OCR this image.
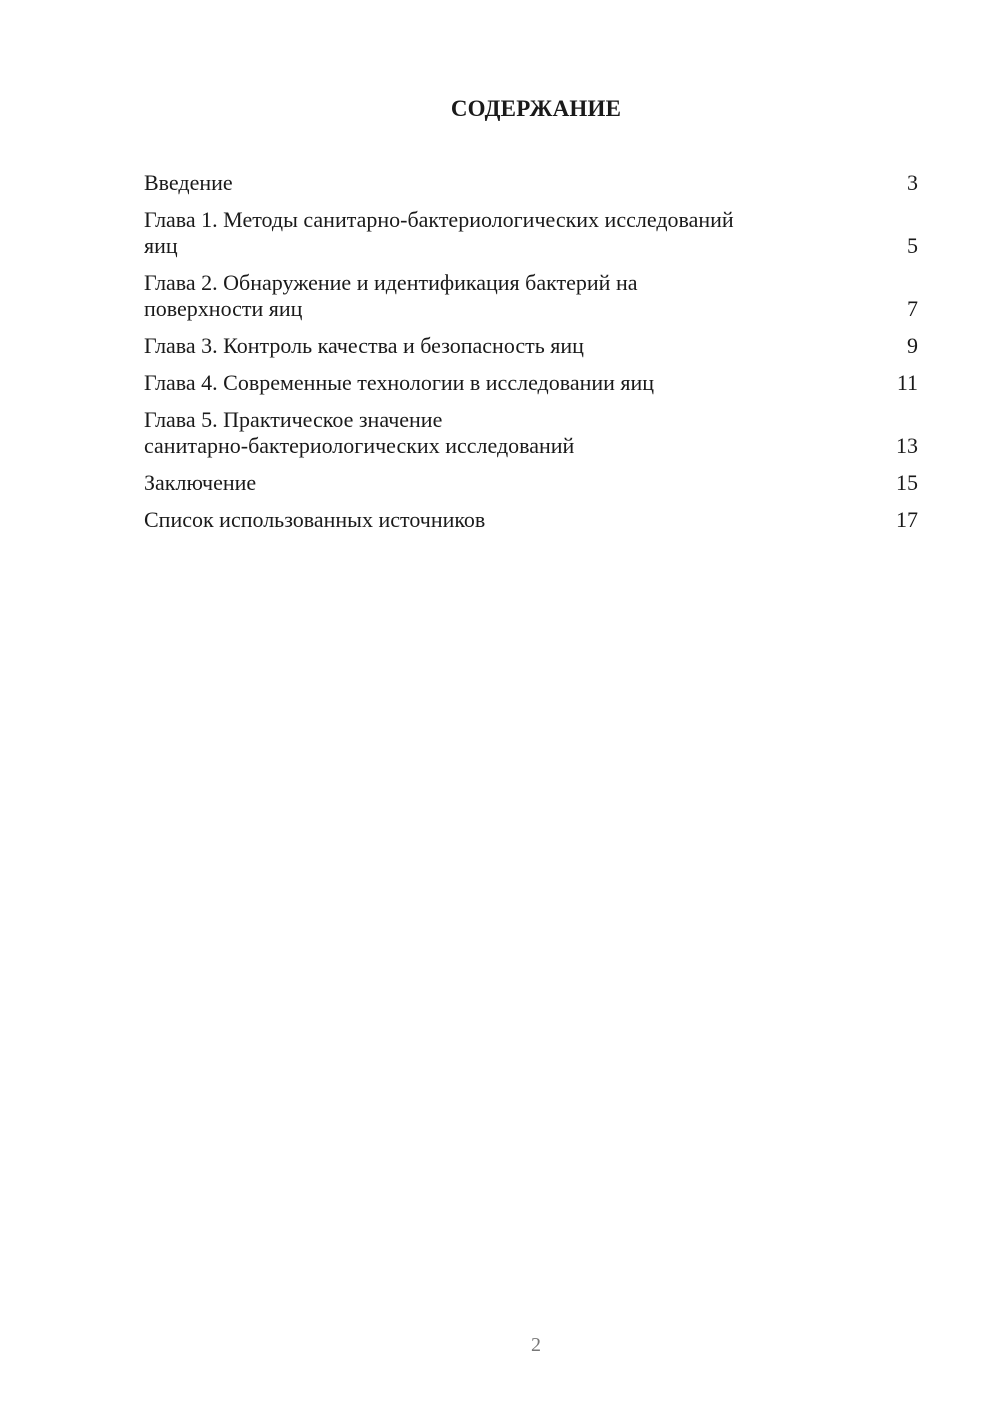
СОДЕРЖАНИЕ
Введение	3
Глава 1. Методы санитарно-бактериологических исследований
яиц	5
Глава 2. Обнаружение и идентификация бактерий на
поверхности яиц	7
Глава 3. Контроль качества и безопасность яиц	9
Глава 4. Современные технологии в исследовании яиц	11
Глава 5. Практическое значение
санитарно-бактериологических исследований	13
Заключение	15
Список использованных источников	17
2
